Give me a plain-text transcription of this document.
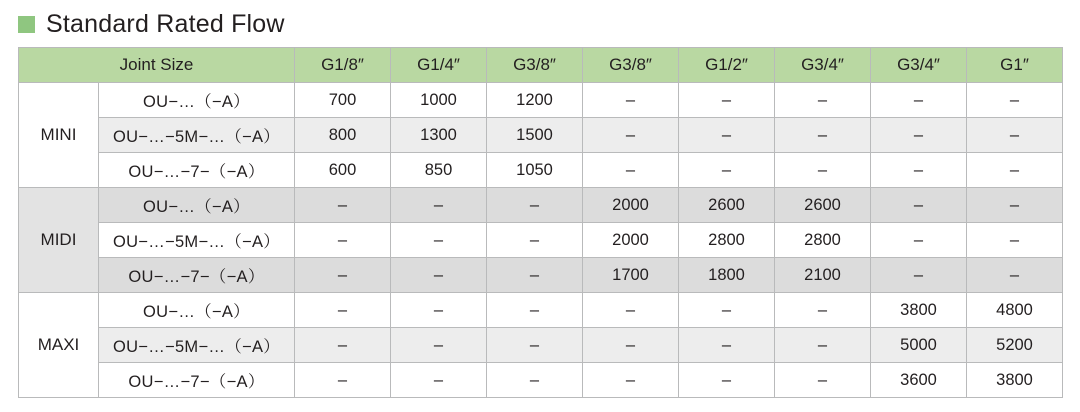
Standard Rated Flow
Joint Size		G1/8″	G1/4″	G3/8″	G3/8″	G1/2″	G3/4″	G3/4″	G1″
MINI	OU−…（−A）	700	1000	1200	–	–	–	–	–
	OU−…−5M−…（−A）	800	1300	1500	–	–	–	–	–
	OU−…−7−（−A）	600	850	1050	–	–	–	–	–
MIDI	OU−…（−A）	–	–	–	2000	2600	2600	–	–
	OU−…−5M−…（−A）	–	–	–	2000	2800	2800	–	–
	OU−…−7−（−A）	–	–	–	1700	1800	2100	–	–
MAXI	OU−…（−A）	–	–	–	–	–	–	3800	4800
	OU−…−5M−…（−A）	–	–	–	–	–	–	5000	5200
	OU−…−7−（−A）	–	–	–	–	–	–	3600	3800
